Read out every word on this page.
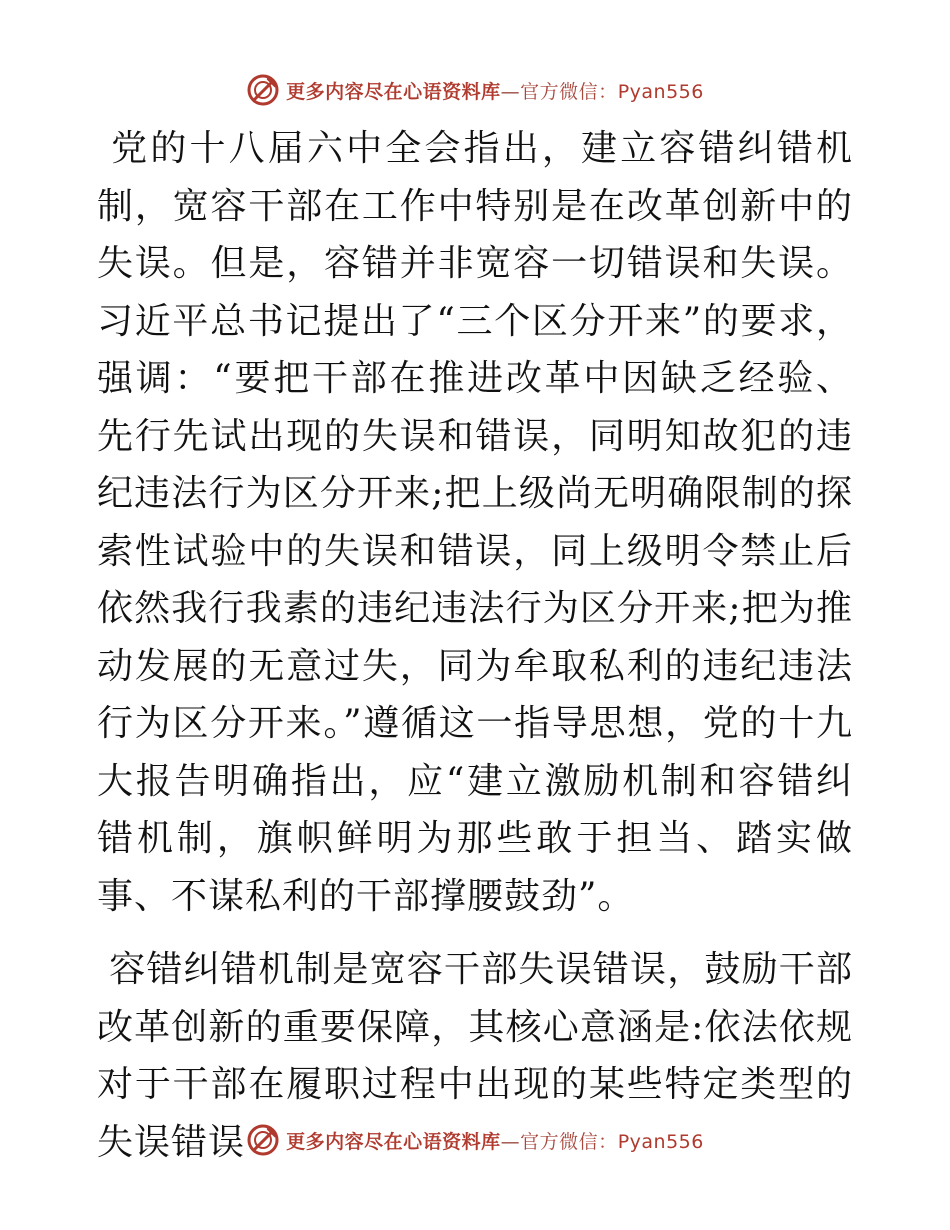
更多内容尽在心语资料库—官方微信：Pyan556

党的十八届六中全会指出，建立容错纠错机制，宽容干部在工作中特别是在改革创新中的失误。但是，容错并非宽容一切错误和失误。习近平总书记提出了“三个区分开来”的要求，强调：“要把干部在推进改革中因缺乏经验、先行先试出现的失误和错误，同明知故犯的违纪违法行为区分开来;把上级尚无明确限制的探索性试验中的失误和错误，同上级明令禁止后依然我行我素的违纪违法行为区分开来;把为推动发展的无意过失，同为牟取私利的违纪违法行为区分开来。”遵循这一指导思想，党的十九大报告明确指出，应“建立激励机制和容错纠错机制，旗帜鲜明为那些敢于担当、踏实做事、不谋私利的干部撑腰鼓劲”。

容错纠错机制是宽容干部失误错误，鼓励干部改革创新的重要保障，其核心意涵是:依法依规对于干部在履职过程中出现的某些特定类型的失误错误	更多内容尽在心语资料库—官方微信：Pyan556
